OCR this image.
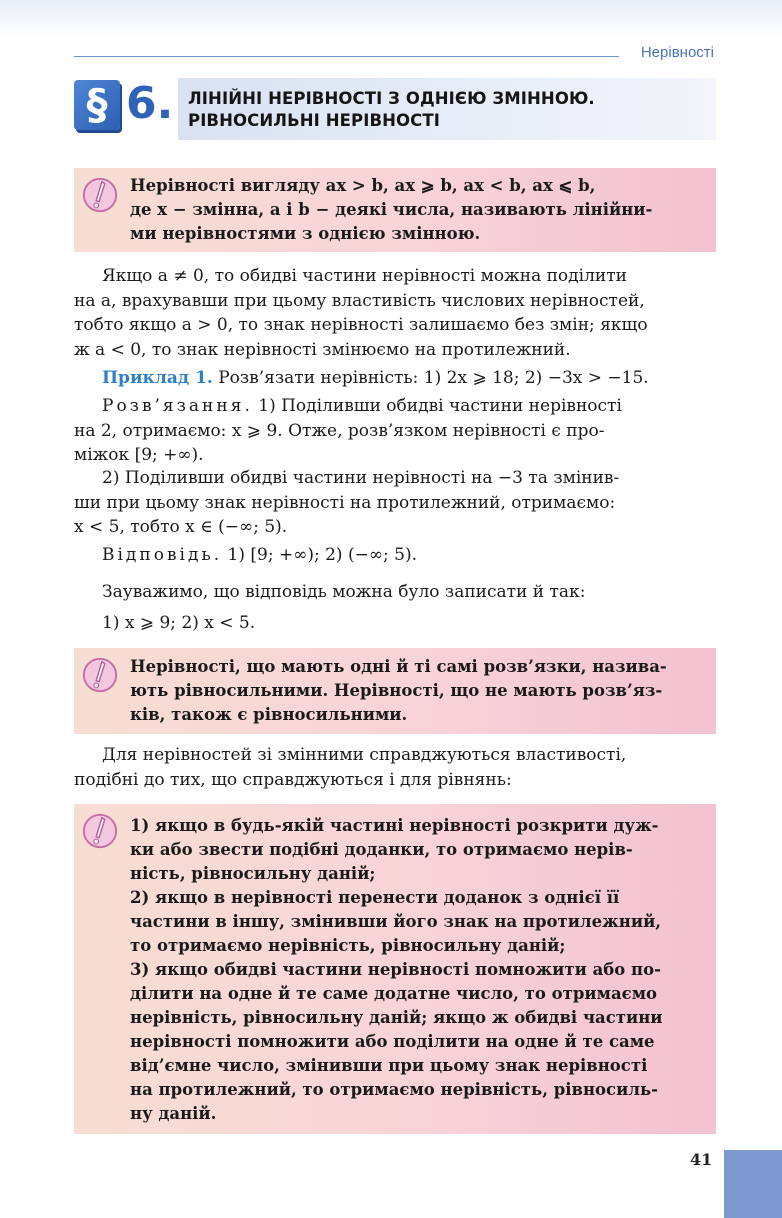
Нерівності
§ 6. ЛІНІЙНІ НЕРІВНОСТІ З ОДНІЄЮ ЗМІННОЮ.
РІВНОСИЛЬНІ НЕРІВНОСТІ

Нерівності вигляду ax > b, ax ⩾ b, ax < b, ax ⩽ b,

де x − змінна, a і b − деякі числа, називають лінійни-

ми нерівностями з однією змінною.

Якщо a ≠ 0, то обидві частини нерівності можна поділити
на a, врахувавши при цьому властивість числових нерівностей,
тобто якщо a > 0, то знак нерівності залишаємо без змін; якщо
ж a < 0, то знак нерівності змінюємо на протилежний.
Приклад 1. Розв’язати нерівність: 1) 2x ⩾ 18; 2) −3x > −15.
Розв’язання. 1) Поділивши обидві частини нерівності
на 2, отримаємо: x ⩾ 9. Отже, розв’язком нерівності є про-
міжок [9; +∞).
2) Поділивши обидві частини нерівності на −3 та змінив-
ши при цьому знак нерівності на протилежний, отримаємо:
x < 5, тобто x ∈ (−∞; 5).
Відповідь. 1) [9; +∞); 2) (−∞; 5).
Зауважимо, що відповідь можна було записати й так:
1) x ⩾ 9; 2) x < 5.

Нерівності, що мають одні й ті самі розв’язки, назива-

ють рівносильними. Нерівності, що не мають розв’яз-

ків, також є рівносильними.

Для нерівностей зі змінними справджуються властивості,
подібні до тих, що справджуються і для рівнянь:

1) якщо в будь-якій частині нерівності розкрити дуж-

ки або звести подібні доданки, то отримаємо нерів-

ність, рівносильну даній;

2) якщо в нерівності перенести доданок з однієї її

частини в іншу, змінивши його знак на протилежний,

то отримаємо нерівність, рівносильну даній;

3) якщо обидві частини нерівності помножити або по-

ділити на одне й те саме додатне число, то отримаємо

нерівність, рівносильну даній; якщо ж обидві частини

нерівності помножити або поділити на одне й те саме

від’ємне число, змінивши при цьому знак нерівності

на протилежний, то отримаємо нерівність, рівносиль-

ну даній.

41
